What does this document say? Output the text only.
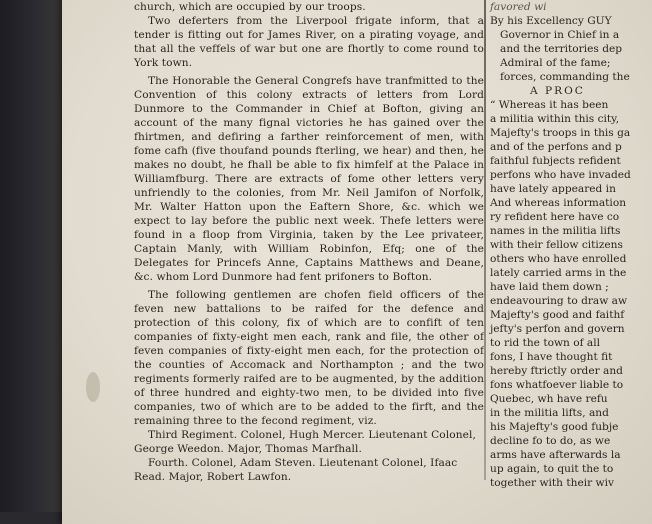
church, which are occupied by our troops.

Two deferters from the Liverpool frigate inform, that a tender is fitting out for James River, on a pirating voyage, and that all the veffels of war but one are fhortly to come round to York town.

The Honorable the General Congrefs have tranfmitted to the Convention of this colony extracts of letters from Lord Dunmore to the Commander in Chief at Bofton, giving an account of the many fignal victories he has gained over the fhirtmen, and defiring a farther reinforcement of men, with fome cafh (five thoufand pounds fterling, we hear) and then, he makes no doubt, he fhall be able to fix himfelf at the Palace in Williamfburg. There are extracts of fome other letters very unfriendly to the colonies, from Mr. Neil Jamifon of Norfolk, Mr. Walter Hatton upon the Eaftern Shore, &c. which we expect to lay before the public next week. Thefe letters were found in a floop from Virginia, taken by the Lee privateer, Captain Manly, with William Robinfon, Efq; one of the Delegates for Princefs Anne, Captains Matthews and Deane, &c. whom Lord Dunmore had fent prifoners to Bofton.

The following gentlemen are chofen field officers of the feven new battalions to be raifed for the defence and protection of this colony, fix of which are to confift of ten companies of fixty-eight men each, rank and file, the other of feven companies of fixty-eight men each, for the protection of the counties of Accomack and Northampton ; and the two regiments formerly raifed are to be augmented, by the addition of three hundred and eighty-two men, to be divided into five companies, two of which are to be added to the firft, and the remaining three to the fecond regiment, viz.

Third Regiment. Colonel, Hugh Mercer. Lieutenant Colonel, George Weedon. Major, Thomas Marfhall.

Fourth. Colonel, Adam Steven. Lieutenant Colonel, Ifaac Read. Major, Robert Lawfon.

favored wi
By his Excellency GUY
Governor in Chief in a
and the territories dep
Admiral of the fame;
forces, commanding the
A PROC
“ Whereas it has been
a militia within this city,
Majefty's troops in this ga
and of the perfons and p
faithful fubjects refident
perfons who have invaded
have lately appeared in
And whereas information
ry refident here have co
names in the militia lifts
with their fellow citizens
others who have enrolled
lately carried arms in the
have laid them down ;
endeavouring to draw aw
Majefty's good and faithf
jefty's perfon and govern
to rid the town of all
fons, I have thought fit
hereby ftrictly order and
fons whatfoever liable to
Quebec, wh have refu
in the militia lifts, and
his Majefty's good fubje
decline fo to do, as we
arms have afterwards la
up again, to quit the to
together with their wiv
